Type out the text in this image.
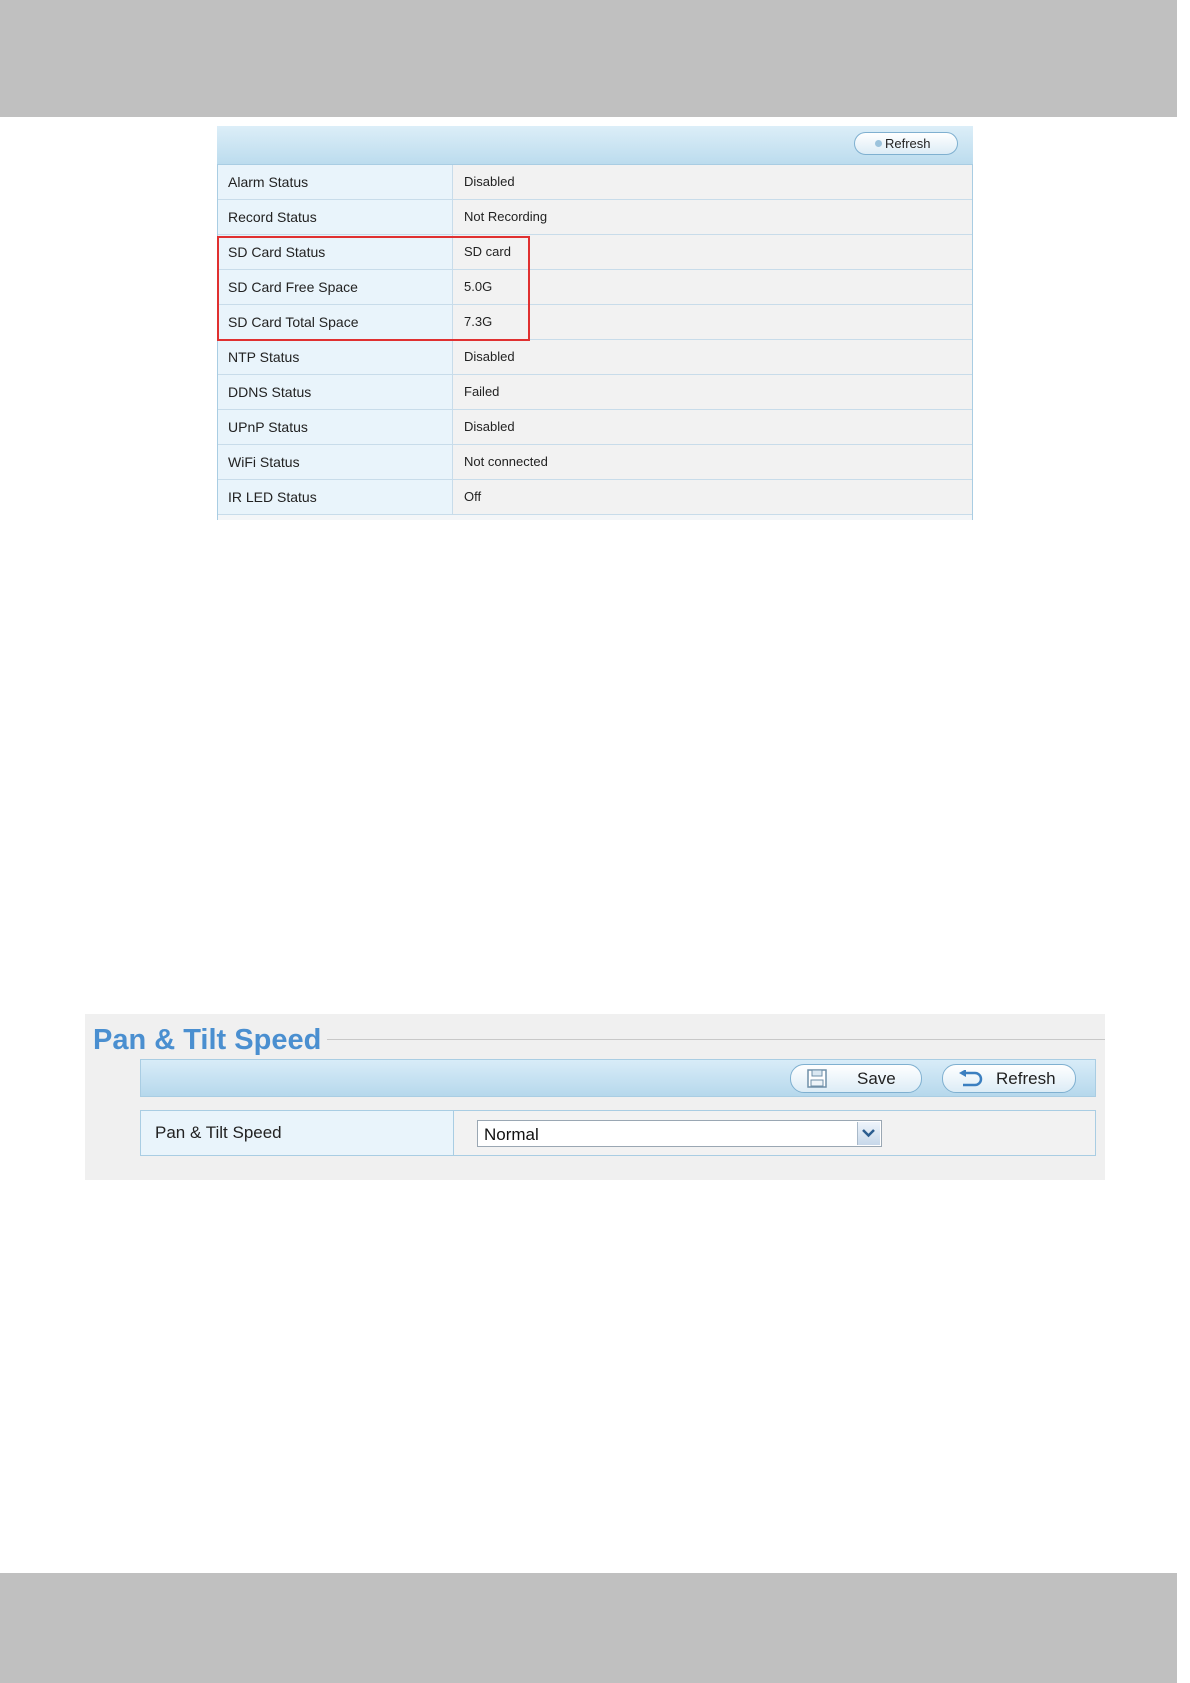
Refresh
Alarm Status	Disabled
Record Status	Not Recording
SD Card Status	SD card
SD Card Free Space	5.0G
SD Card Total Space	7.3G
NTP Status	Disabled
DDNS Status	Failed
UPnP Status	Disabled
WiFi Status	Not connected
IR LED Status	Off
Pan & Tilt Speed
Save	Refresh
Pan & Tilt Speed	Normal
